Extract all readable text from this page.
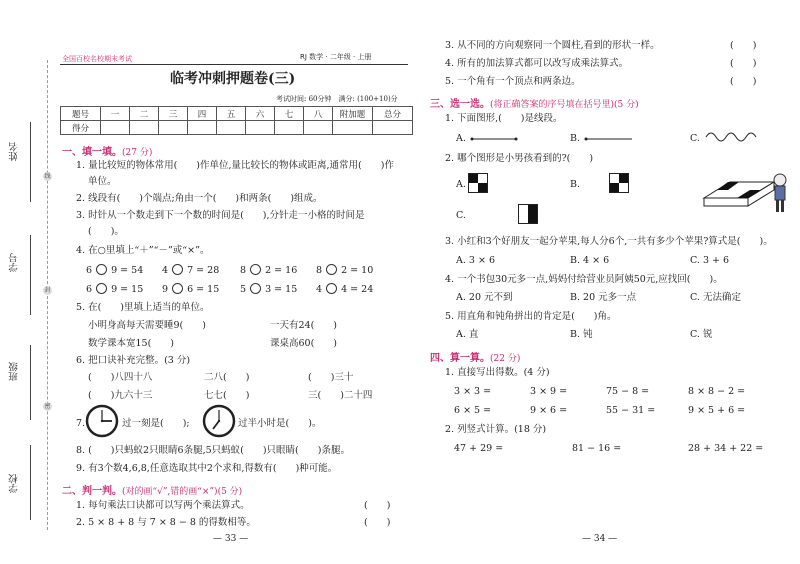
姓名
学号
班级
学校
线
封
密
全国百校名校期末考试	RJ 数学 · 二年级 · 上册
临考冲刺押题卷(三)
考试时间: 60分钟　满分: (100+10)分
题号	一	二	三	四	五	六	七	八	附加题	总分
得分										
一、填一填。(27 分)
1. 量比较短的物体常用(　　)作单位,量比较长的物体或距离,通常用(　　)作
单位。
2. 线段有(　　)个端点;角由一个(　　)和两条(　　)组成。
3. 时针从一个数走到下一个数的时间是(　　),分针走一小格的时间是
(　　)。
4. 在○里填上“＋”“－”或“×”。
6 9 = 54 4 7 = 28 8 2 = 16 8 2 = 10
6 9 = 15 9 6 = 15 5 3 = 15 4 4 = 24
5. 在(　　)里填上适当的单位。
小明身高每天需要睡9(　　)	一天有24(　　)
数学课本宽15(　　)	课桌高60(　　)
6. 把口诀补充完整。(3 分)
(　　)八四十八	二八(　　)	(　　)三十
(　　)九六十三	七七(　　)	三(　　)二十四
7.	过一刻是(　　);	过半小时是(　　)。
8. (　　)只蚂蚁2只眼睛6条腿,5只蚂蚁(　　)只眼睛(　　)条腿。
9. 有3个数4,6,8,任意选取其中2个求和,得数有(　　)种可能。
二、判一判。(对的画“√”,错的画“×”)(5 分)
1. 每句乘法口诀都可以写两个乘法算式。	(　　)
2. 5 × 8 + 8 与 7 × 8 − 8 的得数相等。	(　　)
— 33 —
3. 从不同的方向观察同一个圆柱,看到的形状一样。	(　　)
4. 所有的加法算式都可以改写成乘法算式。	(　　)
5. 一个角有一个顶点和两条边。	(　　)
三、选一选。(将正确答案的序号填在括号里)(5 分)
1. 下面图形,(　　)是线段。
A.	B.	C.
2. 哪个图形是小男孩看到的?(　　)
A.
	B.

C.
3. 小红和3个好朋友一起分苹果,每人分6个,一共有多少个苹果?算式是(　　)。
A. 3 × 6	B. 4 × 6	C. 3 + 6
4. 一个书包30元多一点,妈妈付给营业员阿姨50元,应找回(　　)。
A. 20 元不到	B. 20 元多一点	C. 无法确定
5. 用直角和钝角拼出的肯定是(　　)角。
A. 直	B. 钝	C. 锐
四、算一算。(22 分)
1. 直接写出得数。(4 分)
3 × 3 =	3 × 9 =	75 − 8 =	8 × 8 − 2 =
6 × 5 =	9 × 6 =	55 − 31 =	9 × 5 + 6 =
2. 列竖式计算。(18 分)
47 + 29 =	81 − 16 =	28 + 34 + 22 =
— 34 —
